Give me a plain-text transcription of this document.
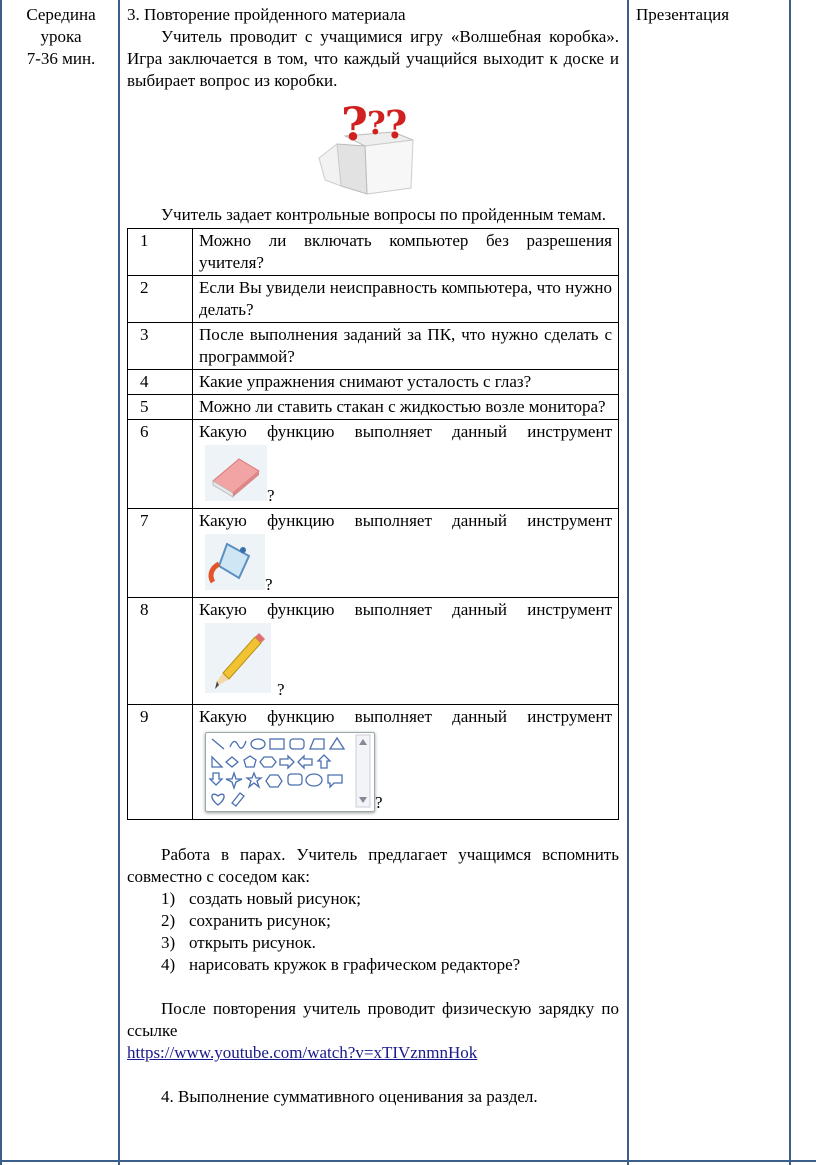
Середина
урока
7-36 мин.
Презентация
3. Повторение пройденного материала
Учитель проводит с учащимися игру «Волшебная коробка». Игра заключается в том, что каждый учащийся выходит к доске и выбирает вопрос из коробки.
? ? ?
Учитель задает контрольные вопросы по пройденным темам.
1	Можно ли включать компьютер без разрешения учителя?
2	Если Вы увидели неисправность компьютера, что нужно делать?
3	После выполнения заданий за ПК, что нужно сделать с программой?
4	Какие упражнения снимают усталость с глаз?
5	Можно ли ставить стакан с жидкостью возле монитора?
6	Какую функцию выполняет данный инструмент
?

7	Какую функцию выполняет данный инструмент
?

8	Какую функцию выполняет данный инструмент
?

9	Какую функцию выполняет данный инструмент
?
Работа в парах. Учитель предлагает учащимся вспомнить совместно с соседом как:
1) создать новый рисунок;
2) сохранить рисунок;
3) открыть рисунок.
4) нарисовать кружок в графическом редакторе?
После повторения учитель проводит физическую зарядку по ссылке
https://www.youtube.com/watch?v=xTIVznmnHok
4. Выполнение суммативного оценивания за раздел.
